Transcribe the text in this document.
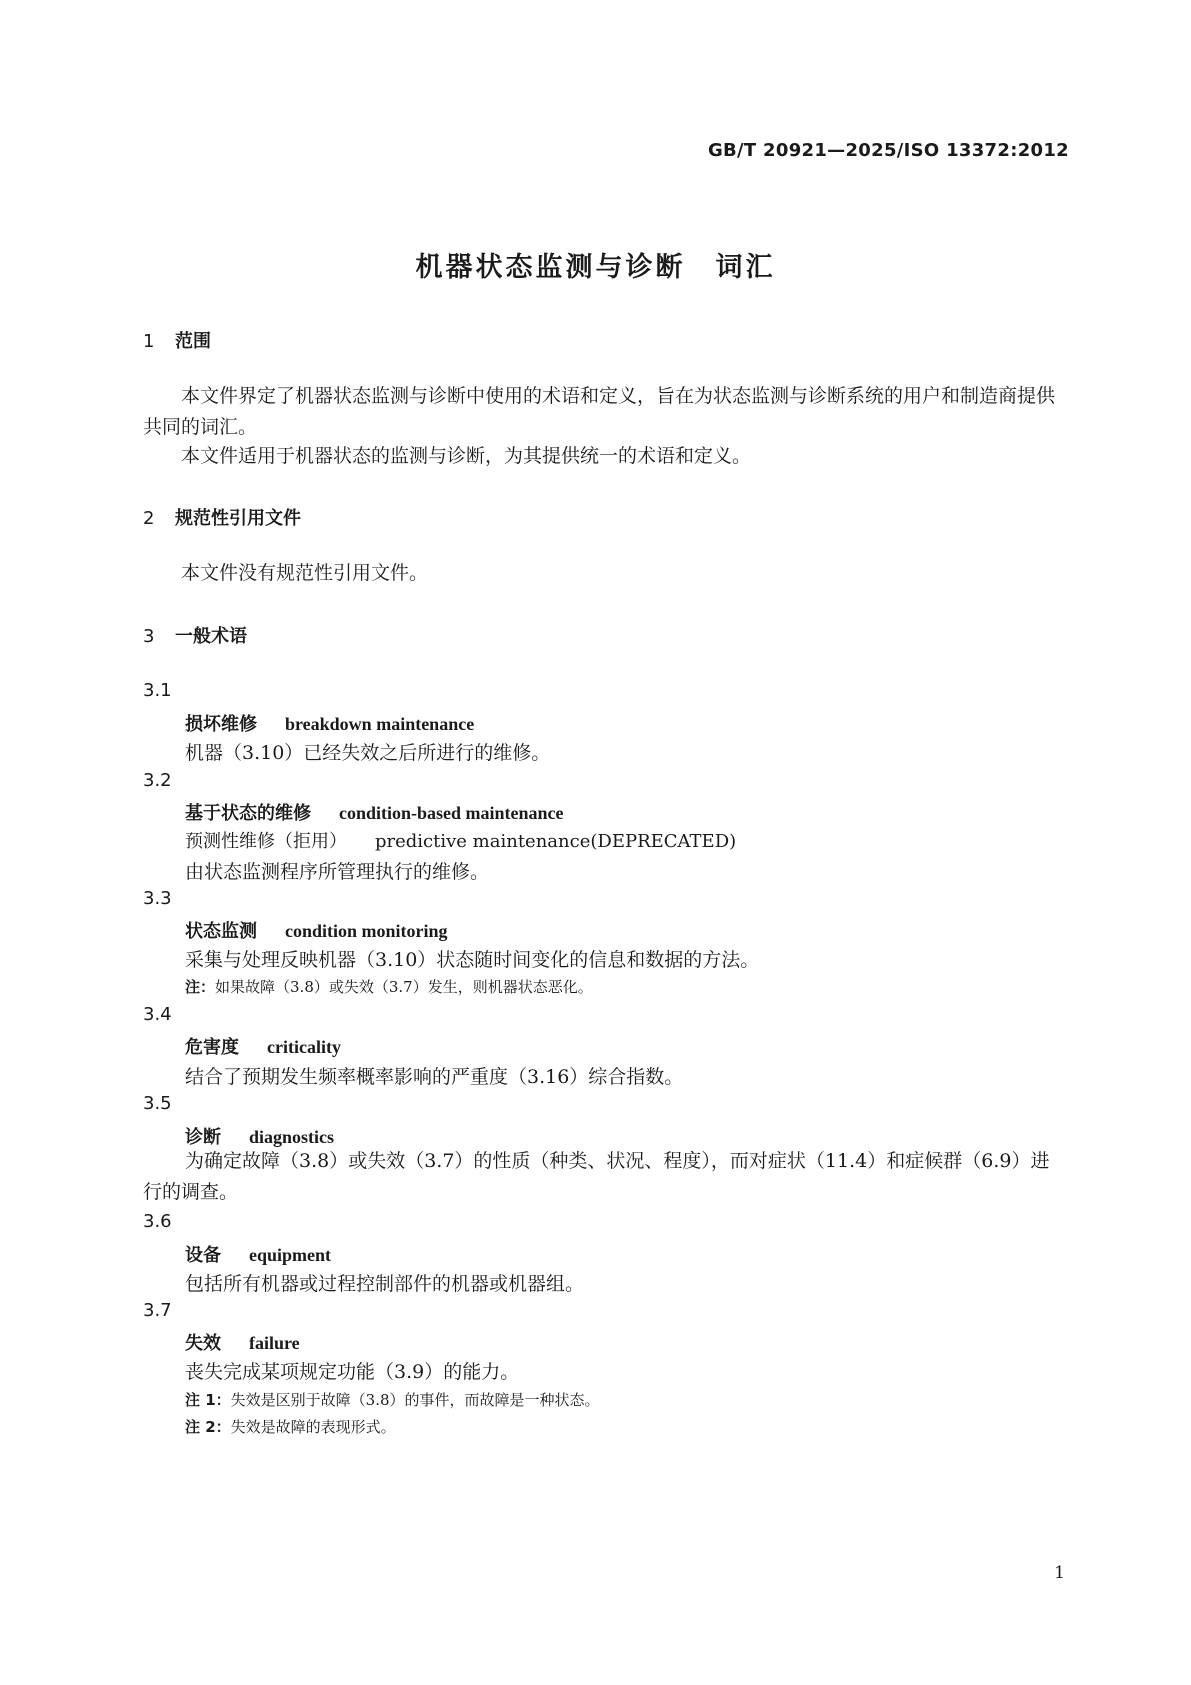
GB/T 20921—2025/ISO 13372:2012
机器状态监测与诊断　词汇
1 范围
本文件界定了机器状态监测与诊断中使用的术语和定义，旨在为状态监测与诊断系统的用户和制造商提供共同的词汇。
本文件适用于机器状态的监测与诊断，为其提供统一的术语和定义。
2 规范性引用文件
本文件没有规范性引用文件。
3 一般术语
3.1
损坏维修 breakdown maintenance
机器（3.10）已经失效之后所进行的维修。
3.2
基于状态的维修 condition-based maintenance
预测性维修（拒用） predictive maintenance(DEPRECATED)
由状态监测程序所管理执行的维修。
3.3
状态监测 condition monitoring
采集与处理反映机器（3.10）状态随时间变化的信息和数据的方法。
注：如果故障（3.8）或失效（3.7）发生，则机器状态恶化。
3.4
危害度 criticality
结合了预期发生频率概率影响的严重度（3.16）综合指数。
3.5
诊断 diagnostics
为确定故障（3.8）或失效（3.7）的性质（种类、状况、程度），而对症状（11.4）和症候群（6.9）进行的调查。
3.6
设备 equipment
包括所有机器或过程控制部件的机器或机器组。
3.7
失效 failure
丧失完成某项规定功能（3.9）的能力。
注 1：失效是区别于故障（3.8）的事件，而故障是一种状态。
注 2：失效是故障的表现形式。
1
